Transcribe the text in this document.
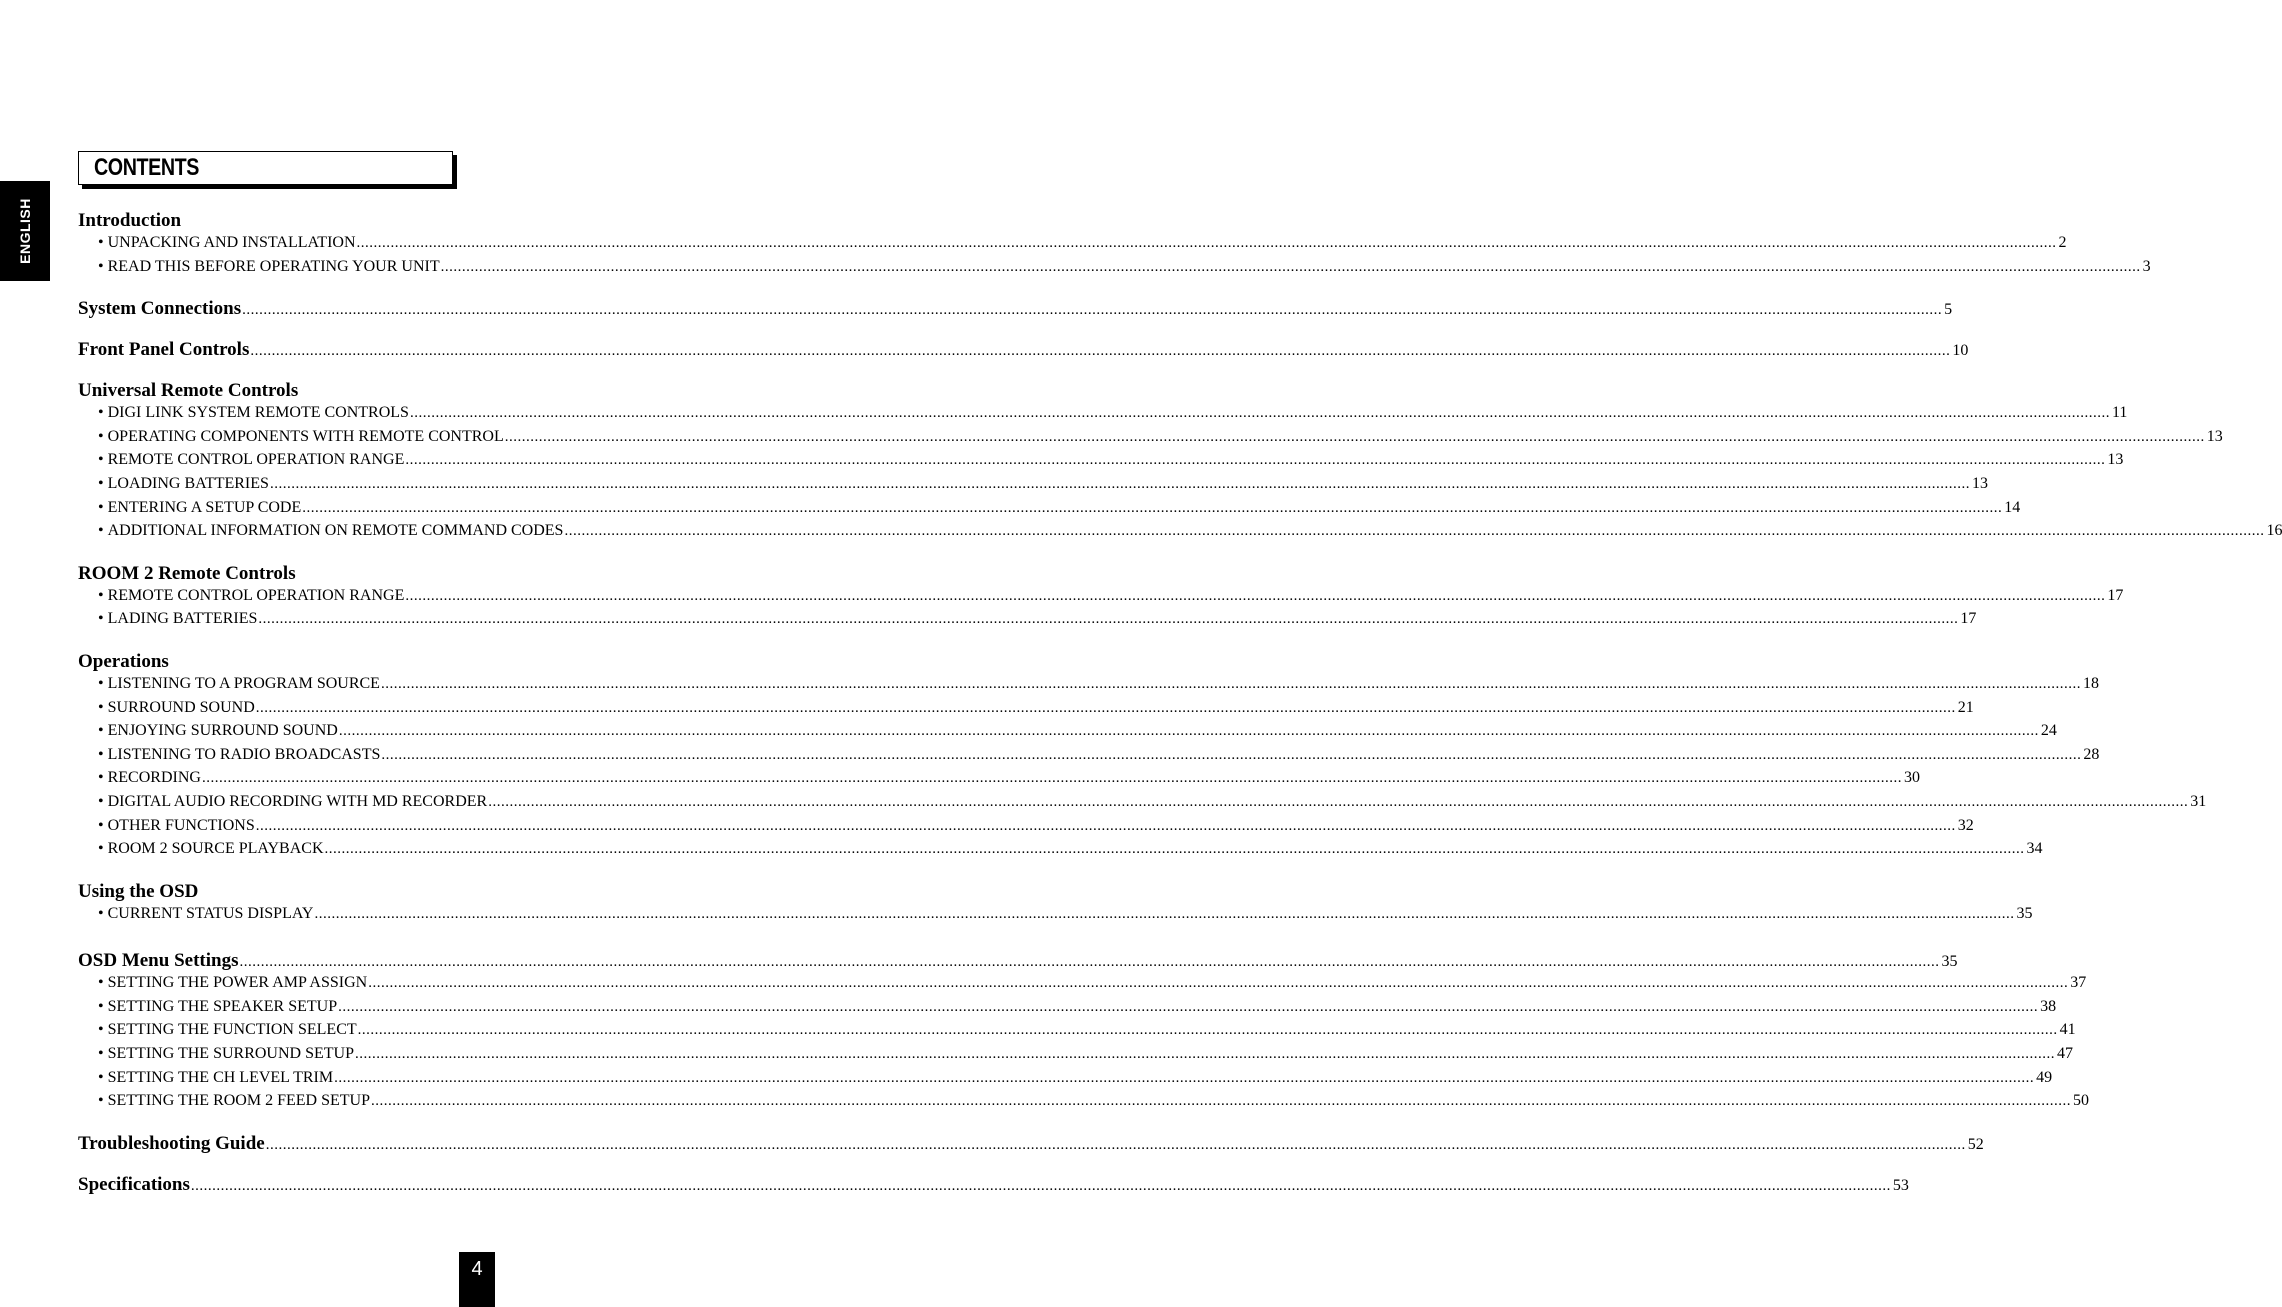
ENGLISH
CONTENTS
Introduction
• UNPACKING AND INSTALLATION ................................................................................................................................................................................................................................................................................................................................................................................................................ 2
• READ THIS BEFORE OPERATING YOUR UNIT ................................................................................................................................................................................................................................................................................................................................................................................................................ 3
System Connections ................................................................................................................................................................................................................................................................................................................................................................................................................ 5
Front Panel Controls ................................................................................................................................................................................................................................................................................................................................................................................................................ 10
Universal Remote Controls
• DIGI LINK SYSTEM REMOTE CONTROLS ................................................................................................................................................................................................................................................................................................................................................................................................................ 11
• OPERATING COMPONENTS WITH REMOTE CONTROL ................................................................................................................................................................................................................................................................................................................................................................................................................ 13
• REMOTE CONTROL OPERATION RANGE ................................................................................................................................................................................................................................................................................................................................................................................................................ 13
• LOADING BATTERIES ................................................................................................................................................................................................................................................................................................................................................................................................................ 13
• ENTERING A SETUP CODE ................................................................................................................................................................................................................................................................................................................................................................................................................ 14
• ADDITIONAL INFORMATION ON REMOTE COMMAND CODES ................................................................................................................................................................................................................................................................................................................................................................................................................ 16
ROOM 2 Remote Controls
• REMOTE CONTROL OPERATION RANGE ................................................................................................................................................................................................................................................................................................................................................................................................................ 17
• LADING BATTERIES ................................................................................................................................................................................................................................................................................................................................................................................................................ 17
Operations
• LISTENING TO A PROGRAM SOURCE ................................................................................................................................................................................................................................................................................................................................................................................................................ 18
• SURROUND SOUND ................................................................................................................................................................................................................................................................................................................................................................................................................ 21
• ENJOYING SURROUND SOUND ................................................................................................................................................................................................................................................................................................................................................................................................................ 24
• LISTENING TO RADIO BROADCASTS ................................................................................................................................................................................................................................................................................................................................................................................................................ 28
• RECORDING ................................................................................................................................................................................................................................................................................................................................................................................................................ 30
• DIGITAL AUDIO RECORDING WITH MD RECORDER ................................................................................................................................................................................................................................................................................................................................................................................................................ 31
• OTHER FUNCTIONS ................................................................................................................................................................................................................................................................................................................................................................................................................ 32
• ROOM 2 SOURCE PLAYBACK ................................................................................................................................................................................................................................................................................................................................................................................................................ 34
Using the OSD
• CURRENT STATUS DISPLAY ................................................................................................................................................................................................................................................................................................................................................................................................................ 35
OSD Menu Settings ................................................................................................................................................................................................................................................................................................................................................................................................................ 35
• SETTING THE POWER AMP ASSIGN ................................................................................................................................................................................................................................................................................................................................................................................................................ 37
• SETTING THE SPEAKER SETUP ................................................................................................................................................................................................................................................................................................................................................................................................................ 38
• SETTING THE FUNCTION SELECT ................................................................................................................................................................................................................................................................................................................................................................................................................ 41
• SETTING THE SURROUND SETUP ................................................................................................................................................................................................................................................................................................................................................................................................................ 47
• SETTING THE CH LEVEL TRIM ................................................................................................................................................................................................................................................................................................................................................................................................................ 49
• SETTING THE ROOM 2 FEED SETUP ................................................................................................................................................................................................................................................................................................................................................................................................................ 50
Troubleshooting Guide ................................................................................................................................................................................................................................................................................................................................................................................................................ 52
Specifications ................................................................................................................................................................................................................................................................................................................................................................................................................ 53
4
